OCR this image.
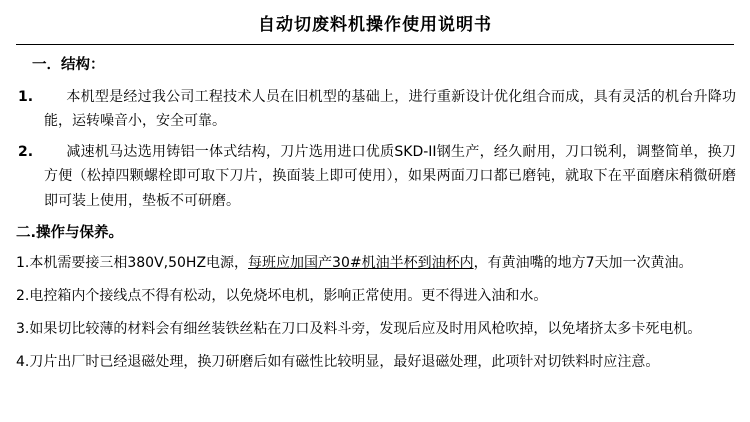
自动切废料机操作使用说明书
一．结构：
1.	本机型是经过我公司工程技术人员在旧机型的基础上，进行重新设计优化组合而成，具有灵活的机台升降功能，运转噪音小，安全可靠。
2.	减速机马达选用铸铝一体式结构，刀片选用进口优质SKD-II钢生产，经久耐用，刀口锐利，调整简单，换刀方便（松掉四颗螺栓即可取下刀片，换面装上即可使用），如果两面刀口都已磨钝，就取下在平面磨床稍微研磨即可装上使用，垫板不可研磨。
二.操作与保养。

1.本机需要接三相380V,50HZ电源，每班应加国产30#机油半杯到油杯内，有黄油嘴的地方7天加一次黄油。

2.电控箱内个接线点不得有松动，以免烧坏电机，影响正常使用。更不得进入油和水。

3.如果切比较薄的材料会有细丝装铁丝粘在刀口及料斗旁，发现后应及时用风枪吹掉，以免堵挤太多卡死电机。

4.刀片出厂时已经退磁处理，换刀研磨后如有磁性比较明显，最好退磁处理，此项针对切铁料时应注意。
